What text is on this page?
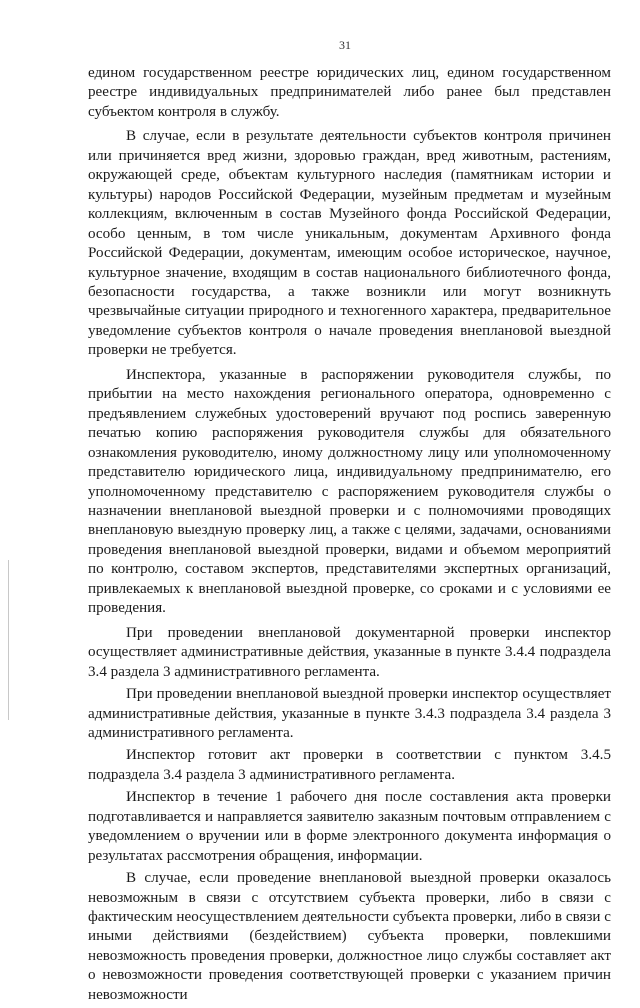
31

едином государственном реестре юридических лиц, едином государственном реестре индивидуальных предпринимателей либо ранее был представлен субъектом контроля в службу.

В случае, если в результате деятельности субъектов контроля причинен или причиняется вред жизни, здоровью граждан, вред животным, растениям, окружающей среде, объектам культурного наследия (памятникам истории и культуры) народов Российской Федерации, музейным предметам и музейным коллекциям, включенным в состав Музейного фонда Российской Федерации, особо ценным, в том числе уникальным, документам Архивного фонда Российской Федерации, документам, имеющим особое историческое, научное, культурное значение, входящим в состав национального библиотечного фонда, безопасности государства, а также возникли или могут возникнуть чрезвычайные ситуации природного и техногенного характера, предварительное уведомление субъектов контроля о начале проведения внеплановой выездной проверки не требуется.

Инспектора, указанные в распоряжении руководителя службы, по прибытии на место нахождения регионального оператора, одновременно с предъявлением служебных удостоверений вручают под роспись заверенную печатью копию распоряжения руководителя службы для обязательного ознакомления руководителю, иному должностному лицу или уполномоченному представителю юридического лица, индивидуальному предпринимателю, его уполномоченному представителю с распоряжением руководителя службы о назначении внеплановой выездной проверки и с полномочиями проводящих внеплановую выездную проверку лиц, а также с целями, задачами, основаниями проведения внеплановой выездной проверки, видами и объемом мероприятий по контролю, составом экспертов, представителями экспертных организаций, привлекаемых к внеплановой выездной проверке, со сроками и с условиями ее проведения.

При проведении внеплановой документарной проверки инспектор осуществляет административные действия, указанные в пункте 3.4.4 подраздела 3.4 раздела 3 административного регламента.

При проведении внеплановой выездной проверки инспектор осуществляет административные действия, указанные в пункте 3.4.3 подраздела 3.4 раздела 3 административного регламента.

Инспектор готовит акт проверки в соответствии с пунктом 3.4.5 подраздела 3.4 раздела 3 административного регламента.

Инспектор в течение 1 рабочего дня после составления акта проверки подготавливается и направляется заявителю заказным почтовым отправлением с уведомлением о вручении или в форме электронного документа информация о результатах рассмотрения обращения, информации.

В случае, если проведение внеплановой выездной проверки оказалось невозможным в связи с отсутствием субъекта проверки, либо в связи с фактическим неосуществлением деятельности субъекта проверки, либо в связи с иными действиями (бездействием) субъекта проверки, повлекшими невозможность проведения проверки, должностное лицо службы составляет акт о невозможности проведения соответствующей проверки с указанием причин невозможности
